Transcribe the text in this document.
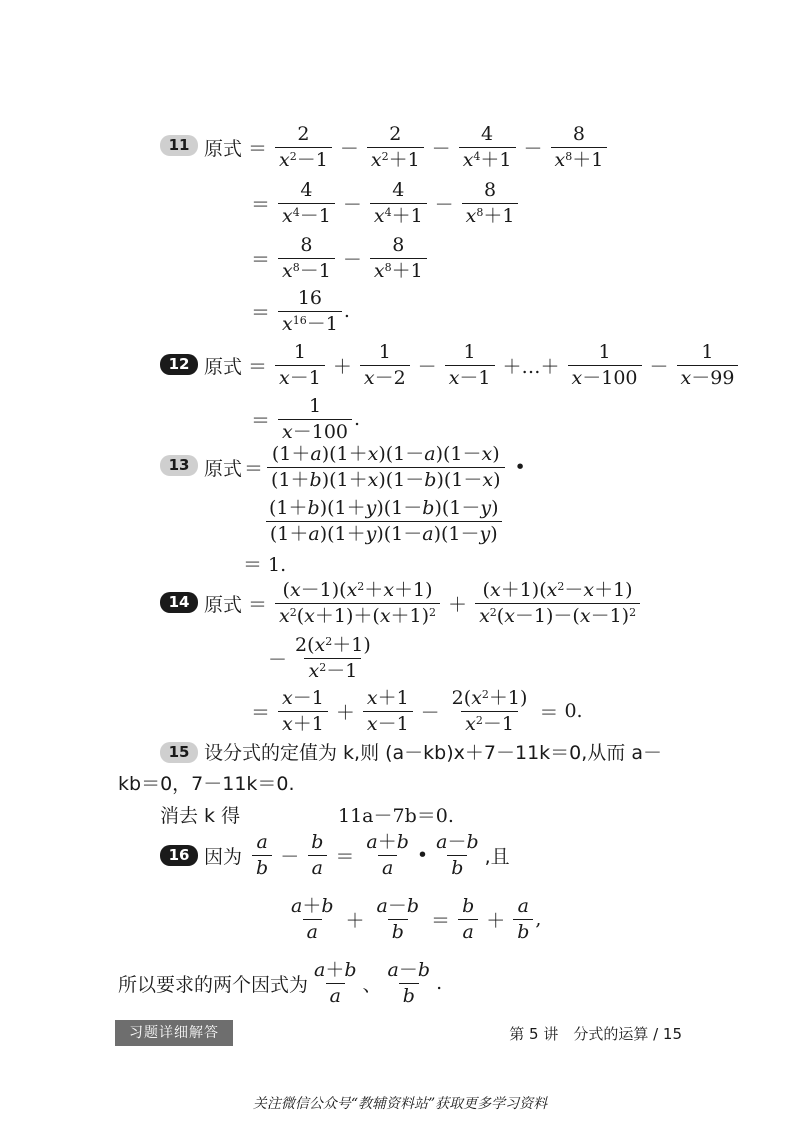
11 原式 ＝ $\frac{2}{x^2-1} - \frac{2}{x^2+1} - \frac{4}{x^4+1} - \frac{8}{x^8+1}$
＝ $\frac{4}{x^4-1} - \frac{4}{x^4+1} - \frac{8}{x^8+1}$
＝ $\frac{8}{x^8-1} - \frac{8}{x^8+1}$
＝ $\frac{16}{x^{16}-1}$ .
12 原式 ＝ $\frac{1}{x-1} + \frac{1}{x-2} - \frac{1}{x-1}$ ＋…＋ $\frac{1}{x-100} - \frac{1}{x-99}$
＝ $\frac{1}{x-100}$ .
13 原式 ＝ $\frac{(1+a)(1+x)(1-a)(1-x)}{(1+b)(1+x)(1-b)(1-x)}$ •
$\frac{(1+b)(1+y)(1-b)(1-y)}{(1+a)(1+y)(1-a)(1-y)}$
＝ 1.
14 原式 ＝ $\frac{(x-1)(x^2+x+1)}{x^2(x+1)+(x+1)^2} + \frac{(x+1)(x^2-x+1)}{x^2(x-1)-(x-1)^2}$
－ $\frac{2(x^2+1)}{x^2-1}$
＝ $\frac{x-1}{x+1} + \frac{x+1}{x-1} - \frac{2(x^2+1)}{x^2-1} = 0$.
15 设分式的定值为 k,则 (a－kb)x＋7－11k＝0,从而 a－
kb＝0，7－11k＝0.
消去 k 得	11a－7b＝0.
16 因为 $\frac{a}{b} - \frac{b}{a} = \frac{a+b}{a}$ • $\frac{a-b}{b}$ ,且
$\frac{a+b}{a} + \frac{a-b}{b} = \frac{b}{a} + \frac{a}{b}$ ,
所以要求的两个因式为 $\frac{a+b}{a}$ 、 $\frac{a-b}{b}$ .
习题详细解答	第 5 讲　分式的运算 / 15
关注微信公众号“教辅资料站”获取更多学习资料
